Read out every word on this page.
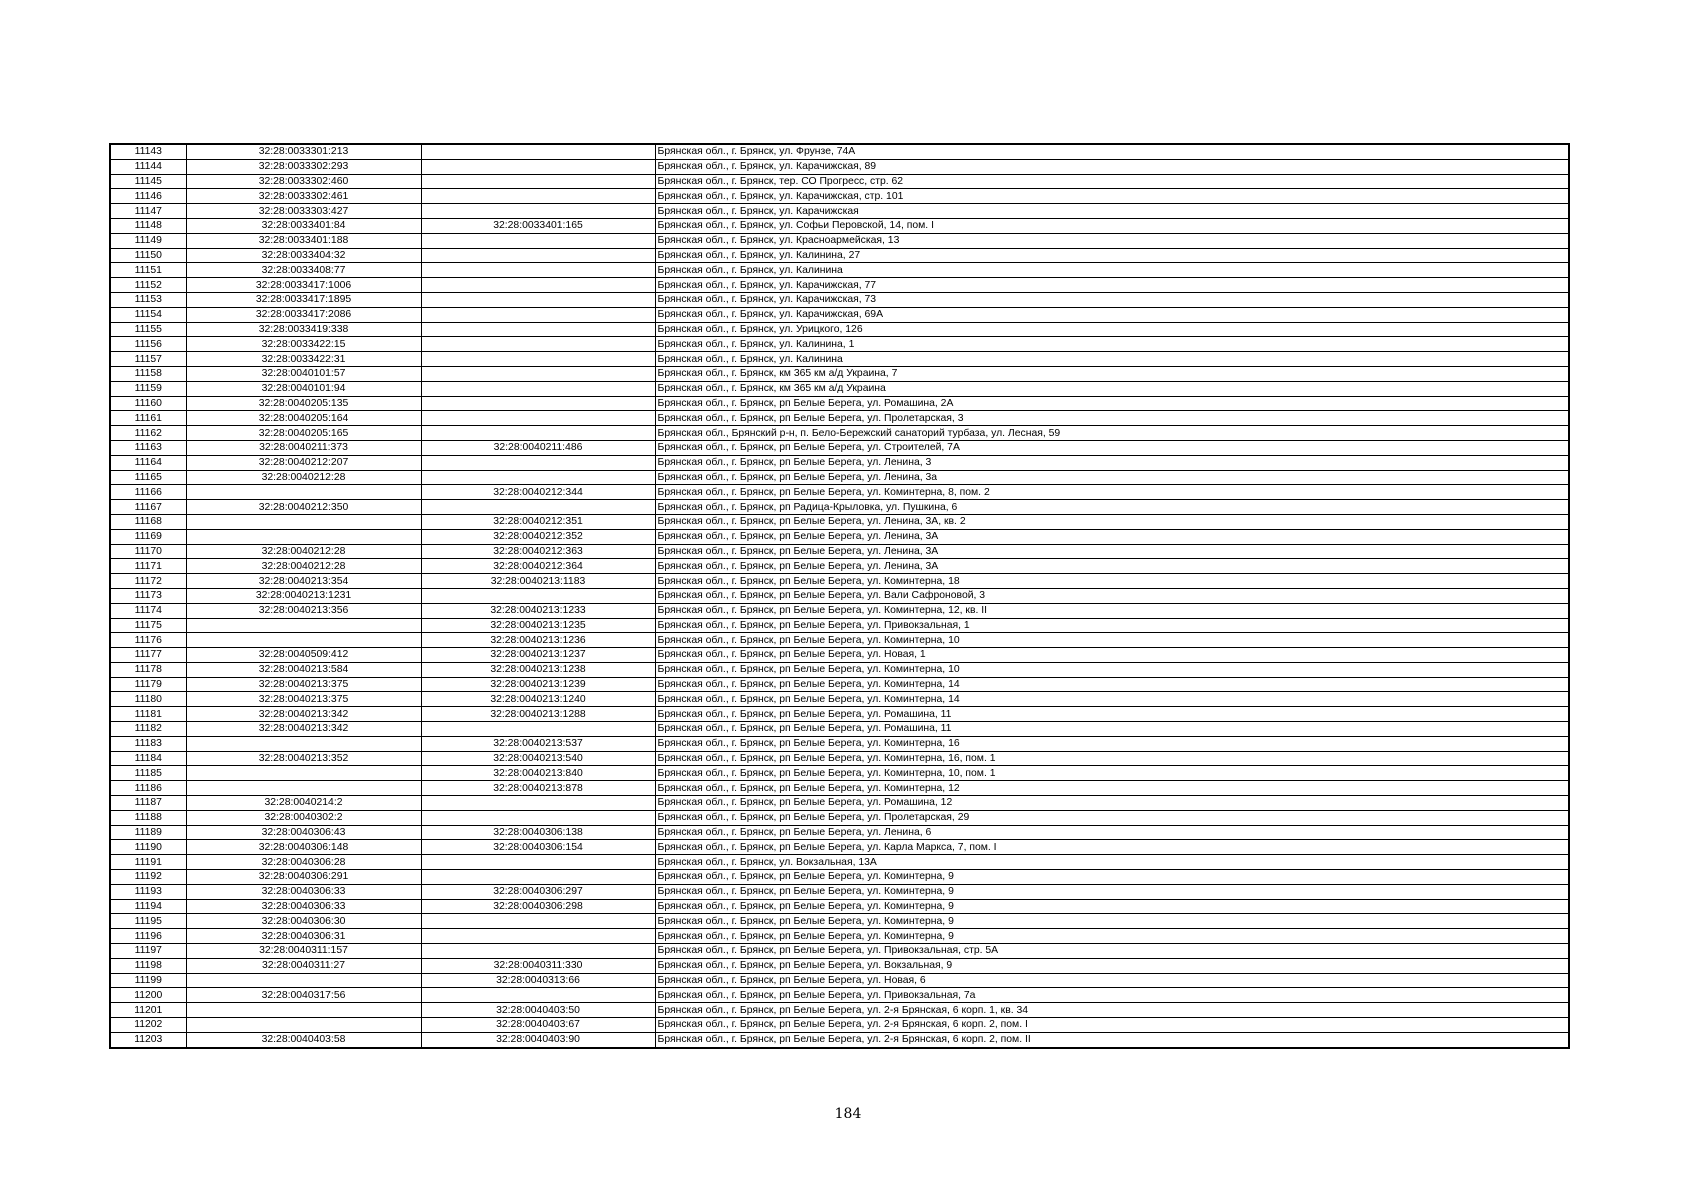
11143	32:28:0033301:213		Брянская обл., г. Брянск, ул. Фрунзе, 74А
11144	32:28:0033302:293		Брянская обл., г. Брянск, ул. Карачижская, 89
11145	32:28:0033302:460		Брянская обл., г. Брянск, тер. СО Прогресс, стр. 62
11146	32:28:0033302:461		Брянская обл., г. Брянск, ул. Карачижская, стр. 101
11147	32:28:0033303:427		Брянская обл., г. Брянск, ул. Карачижская
11148	32:28:0033401:84	32:28:0033401:165	Брянская обл., г. Брянск, ул. Софьи Перовской, 14, пом. I
11149	32:28:0033401:188		Брянская обл., г. Брянск, ул. Красноармейская, 13
11150	32:28:0033404:32		Брянская обл., г. Брянск, ул. Калинина, 27
11151	32:28:0033408:77		Брянская обл., г. Брянск, ул. Калинина
11152	32:28:0033417:1006		Брянская обл., г. Брянск, ул. Карачижская, 77
11153	32:28:0033417:1895		Брянская обл., г. Брянск, ул. Карачижская, 73
11154	32:28:0033417:2086		Брянская обл., г. Брянск, ул. Карачижская, 69А
11155	32:28:0033419:338		Брянская обл., г. Брянск, ул. Урицкого, 126
11156	32:28:0033422:15		Брянская обл., г. Брянск, ул. Калинина, 1
11157	32:28:0033422:31		Брянская обл., г. Брянск, ул. Калинина
11158	32:28:0040101:57		Брянская обл., г. Брянск, км 365 км а/д Украина, 7
11159	32:28:0040101:94		Брянская обл., г. Брянск, км 365 км а/д Украина
11160	32:28:0040205:135		Брянская обл., г. Брянск, рп Белые Берега, ул. Ромашина, 2А
11161	32:28:0040205:164		Брянская обл., г. Брянск, рп Белые Берега, ул. Пролетарская, 3
11162	32:28:0040205:165		Брянская обл., Брянский р-н, п. Бело-Бережский санаторий турбаза, ул. Лесная, 59
11163	32:28:0040211:373	32:28:0040211:486	Брянская обл., г. Брянск, рп Белые Берега, ул. Строителей, 7А
11164	32:28:0040212:207		Брянская обл., г. Брянск, рп Белые Берега, ул. Ленина, 3
11165	32:28:0040212:28		Брянская обл., г. Брянск, рп Белые Берега, ул. Ленина, 3а
11166		32:28:0040212:344	Брянская обл., г. Брянск, рп Белые Берега, ул. Коминтерна, 8, пом. 2
11167	32:28:0040212:350		Брянская обл., г. Брянск, рп Радица-Крыловка, ул. Пушкина, 6
11168		32:28:0040212:351	Брянская обл., г. Брянск, рп Белые Берега, ул. Ленина, 3А, кв. 2
11169		32:28:0040212:352	Брянская обл., г. Брянск, рп Белые Берега, ул. Ленина, 3А
11170	32:28:0040212:28	32:28:0040212:363	Брянская обл., г. Брянск, рп Белые Берега, ул. Ленина, 3А
11171	32:28:0040212:28	32:28:0040212:364	Брянская обл., г. Брянск, рп Белые Берега, ул. Ленина, 3А
11172	32:28:0040213:354	32:28:0040213:1183	Брянская обл., г. Брянск, рп Белые Берега, ул. Коминтерна, 18
11173	32:28:0040213:1231		Брянская обл., г. Брянск, рп Белые Берега, ул. Вали Сафроновой, 3
11174	32:28:0040213:356	32:28:0040213:1233	Брянская обл., г. Брянск, рп Белые Берега, ул. Коминтерна, 12, кв. II
11175		32:28:0040213:1235	Брянская обл., г. Брянск, рп Белые Берега, ул. Привокзальная, 1
11176		32:28:0040213:1236	Брянская обл., г. Брянск, рп Белые Берега, ул. Коминтерна, 10
11177	32:28:0040509:412	32:28:0040213:1237	Брянская обл., г. Брянск, рп Белые Берега, ул. Новая, 1
11178	32:28:0040213:584	32:28:0040213:1238	Брянская обл., г. Брянск, рп Белые Берега, ул. Коминтерна, 10
11179	32:28:0040213:375	32:28:0040213:1239	Брянская обл., г. Брянск, рп Белые Берега, ул. Коминтерна, 14
11180	32:28:0040213:375	32:28:0040213:1240	Брянская обл., г. Брянск, рп Белые Берега, ул. Коминтерна, 14
11181	32:28:0040213:342	32:28:0040213:1288	Брянская обл., г. Брянск, рп Белые Берега, ул. Ромашина, 11
11182	32:28:0040213:342		Брянская обл., г. Брянск, рп Белые Берега, ул. Ромашина, 11
11183		32:28:0040213:537	Брянская обл., г. Брянск, рп Белые Берега, ул. Коминтерна, 16
11184	32:28:0040213:352	32:28:0040213:540	Брянская обл., г. Брянск, рп Белые Берега, ул. Коминтерна, 16, пом. 1
11185		32:28:0040213:840	Брянская обл., г. Брянск, рп Белые Берега, ул. Коминтерна, 10, пом. 1
11186		32:28:0040213:878	Брянская обл., г. Брянск, рп Белые Берега, ул. Коминтерна, 12
11187	32:28:0040214:2		Брянская обл., г. Брянск, рп Белые Берега, ул. Ромашина, 12
11188	32:28:0040302:2		Брянская обл., г. Брянск, рп Белые Берега, ул. Пролетарская, 29
11189	32:28:0040306:43	32:28:0040306:138	Брянская обл., г. Брянск, рп Белые Берега, ул. Ленина, 6
11190	32:28:0040306:148	32:28:0040306:154	Брянская обл., г. Брянск, рп Белые Берега, ул. Карла Маркса, 7, пом. I
11191	32:28:0040306:28		Брянская обл., г. Брянск, ул. Вокзальная, 13А
11192	32:28:0040306:291		Брянская обл., г. Брянск, рп Белые Берега, ул. Коминтерна, 9
11193	32:28:0040306:33	32:28:0040306:297	Брянская обл., г. Брянск, рп Белые Берега, ул. Коминтерна, 9
11194	32:28:0040306:33	32:28:0040306:298	Брянская обл., г. Брянск, рп Белые Берега, ул. Коминтерна, 9
11195	32:28:0040306:30		Брянская обл., г. Брянск, рп Белые Берега, ул. Коминтерна, 9
11196	32:28:0040306:31		Брянская обл., г. Брянск, рп Белые Берега, ул. Коминтерна, 9
11197	32:28:0040311:157		Брянская обл., г. Брянск, рп Белые Берега, ул. Привокзальная, стр. 5А
11198	32:28:0040311:27	32:28:0040311:330	Брянская обл., г. Брянск, рп Белые Берега, ул. Вокзальная, 9
11199		32:28:0040313:66	Брянская обл., г. Брянск, рп Белые Берега, ул. Новая, 6
11200	32:28:0040317:56		Брянская обл., г. Брянск, рп Белые Берега, ул. Привокзальная, 7а
11201		32:28:0040403:50	Брянская обл., г. Брянск, рп Белые Берега, ул. 2-я Брянская, 6 корп. 1, кв. 34
11202		32:28:0040403:67	Брянская обл., г. Брянск, рп Белые Берега, ул. 2-я Брянская, 6 корп. 2, пом. I
11203	32:28:0040403:58	32:28:0040403:90	Брянская обл., г. Брянск, рп Белые Берега, ул. 2-я Брянская, 6 корп. 2, пом. II
184
